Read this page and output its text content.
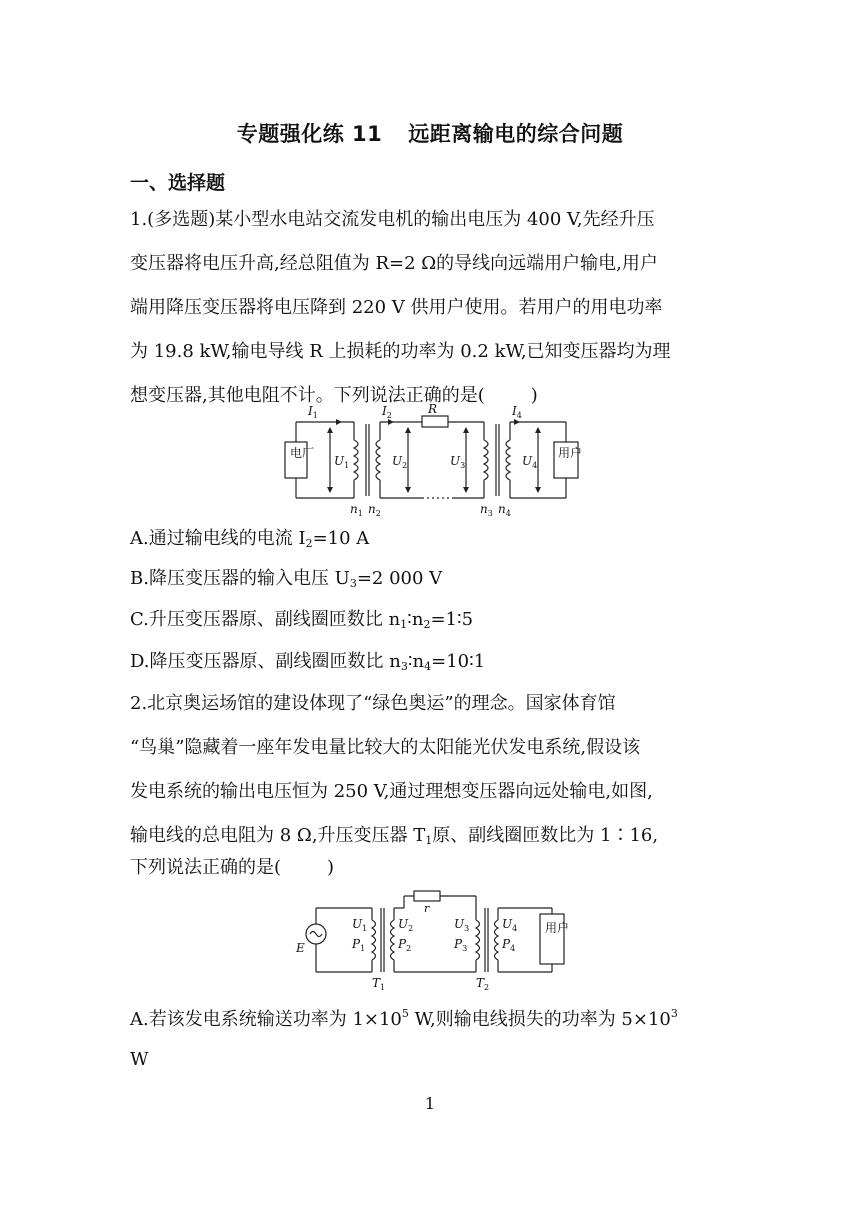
专题强化练 11 远距离输电的综合问题
一、选择题
1.(多选题)某小型水电站交流发电机的输出电压为 400 V,先经升压
变压器将电压升高,经总阻值为 R=2 Ω的导线向远端用户输电,用户
端用降压变压器将电压降到 220 V 供用户使用。若用户的用电功率
为 19.8 kW,输电导线 R 上损耗的功率为 0.2 kW,已知变压器均为理
想变压器,其他电阻不计。下列说法正确的是(	)
电厂	用户
R
$I_1$	$I_2$	$I_4$
$U_1$	$U_2$	$U_3$	$U_4$
$n_1$ $n_2$	$n_3$ $n_4$
A.通过输电线的电流 $I_2=10$ A
B.降压变压器的输入电压 $U_3=2$ 000 V
C.升压变压器原、副线圈匝数比 $n_1∶n_2=1∶5$
D.降压变压器原、副线圈匝数比 $n_3∶n_4=10∶1$
2.北京奥运场馆的建设体现了“绿色奥运”的理念。国家体育馆
“鸟巢”隐藏着一座年发电量比较大的太阳能光伏发电系统,假设该
发电系统的输出电压恒为 250 V,通过理想变压器向远处输电,如图,
输电线的总电阻为 8 Ω,升压变压器 $T_1$原、副线圈匝数比为 1∶16,
下列说法正确的是(	)
E
r
用户
$U_1$
$P_1$
$U_2$
$P_2$
$U_3$
$P_3$
$U_4$
$P_4$
$T_1$	$T_2$
A.若该发电系统输送功率为 $1\times 10^5$ W,则输电线损失的功率为 $5\times 10^3$
W
1
